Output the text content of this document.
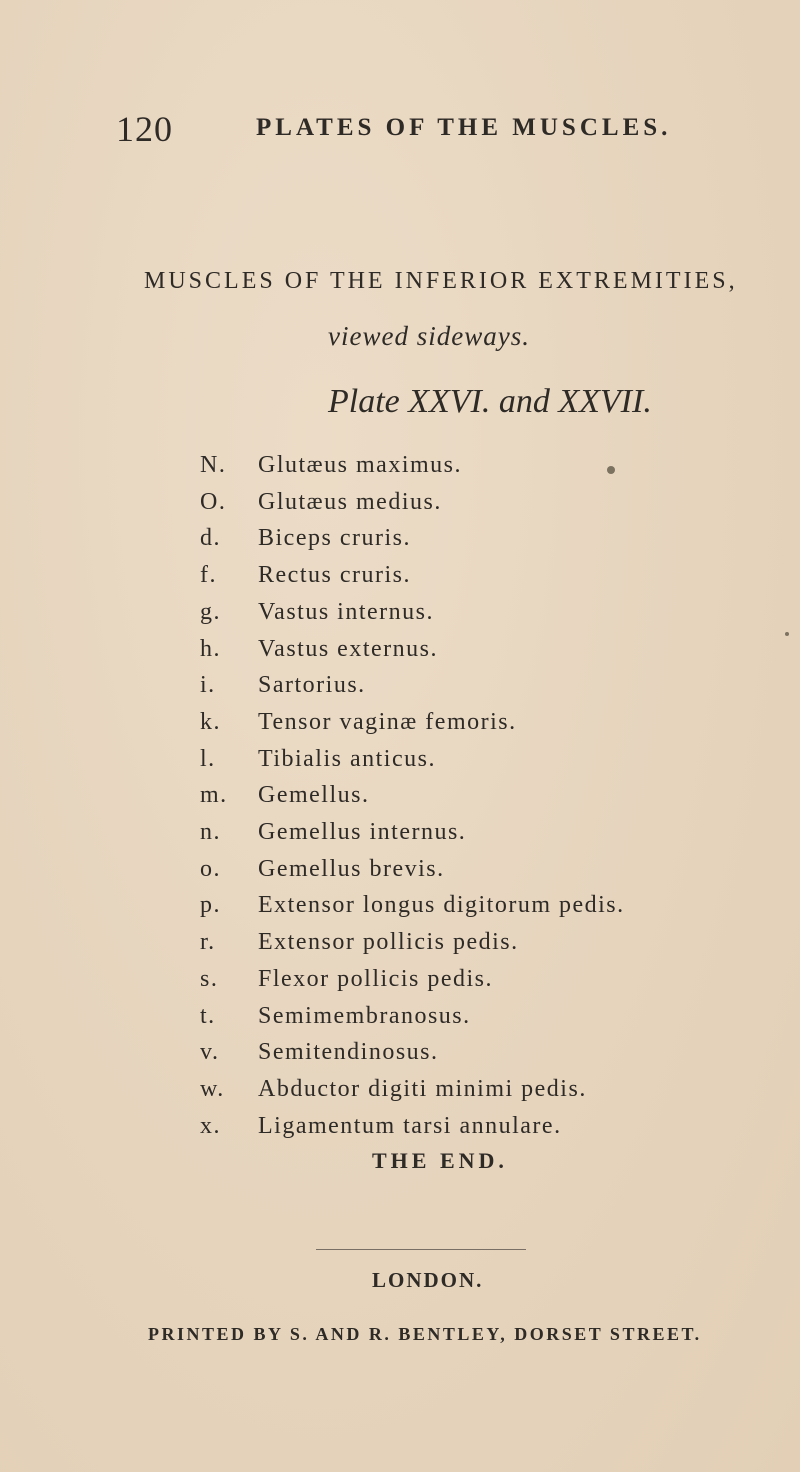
120	PLATES OF THE MUSCLES.
MUSCLES OF THE INFERIOR EXTREMITIES,
viewed sideways.
Plate XXVI. and XXVII.
N. Glutæus maximus.
O. Glutæus medius.
d. Biceps cruris.
f. Rectus cruris.
g. Vastus internus.
h. Vastus externus.
i. Sartorius.
k. Tensor vaginæ femoris.
l. Tibialis anticus.
m. Gemellus.
n. Gemellus internus.
o. Gemellus brevis.
p. Extensor longus digitorum pedis.
r. Extensor pollicis pedis.
s. Flexor pollicis pedis.
t. Semimembranosus.
v. Semitendinosus.
w. Abductor digiti minimi pedis.
x. Ligamentum tarsi annulare.
THE END.
LONDON.
PRINTED BY S. AND R. BENTLEY, DORSET STREET.
